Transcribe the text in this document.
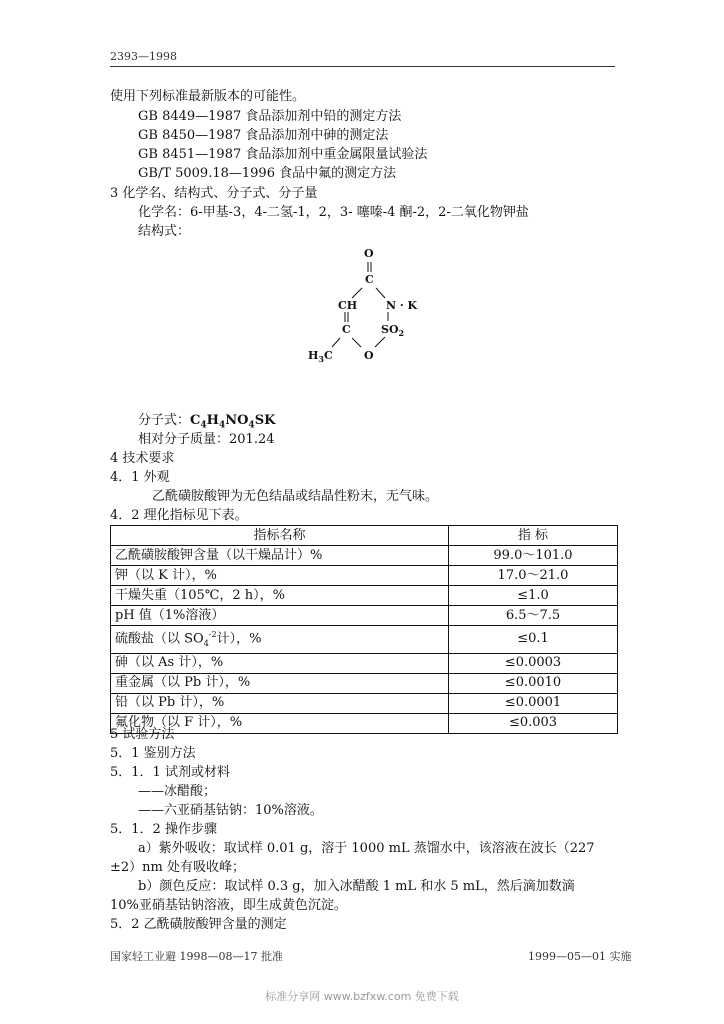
2393—1998
使用下列标准最新版本的可能性。
GB 8449—1987 食品添加剂中铅的测定方法
GB 8450—1987 食品添加剂中砷的测定法
GB 8451—1987 食品添加剂中重金属限量试验法
GB/T 5009.18—1996 食品中氟的测定方法
3 化学名、结构式、分子式、分子量
化学名：6-甲基-3，4-二氢-1，2，3- 噻嗪-4 酮-2，2-二氧化物钾盐
结构式：
O
C
CH	N · K
C	$SO_2$
$H_3C$	O
分子式：$C_4H_4NO_4SK$
相对分子质量：201.24
4 技术要求
4．1 外观
乙酰磺胺酸钾为无色结晶或结晶性粉末，无气味。
4．2 理化指标见下表。
指标名称	指 标
乙酰磺胺酸钾含量（以干燥品计）%	99.0～101.0
钾（以 K 计），%	17.0～21.0
干燥失重（105℃，2 h），%	≤1.0
pH 值（1%溶液）	6.5～7.5
硫酸盐（以 $SO_4^{-2}$计），%	≤0.1
砷（以 As 计），%	≤0.0003
重金属（以 Pb 计），%	≤0.0010
铅（以 Pb 计），%	≤0.0001
氟化物（以 F 计），%	≤0.003
5 试验方法
5．1 鉴别方法
5．1．1 试剂或材料
——冰醋酸；
——六亚硝基钴钠：10%溶液。
5．1．2 操作步骤
a）紫外吸收：取试样 0.01 g，溶于 1000 mL 蒸馏水中，该溶液在波长（227
±2）nm 处有吸收峰；
b）颜色反应：取试样 0.3 g，加入冰醋酸 1 mL 和水 5 mL，然后滴加数滴
10%亚硝基钴钠溶液，即生成黄色沉淀。
5．2 乙酰磺胺酸钾含量的测定
国家轻工业避 1998—08—17 批准	1999—05—01 实施
标准分享网 www.bzfxw.com 免费下载
